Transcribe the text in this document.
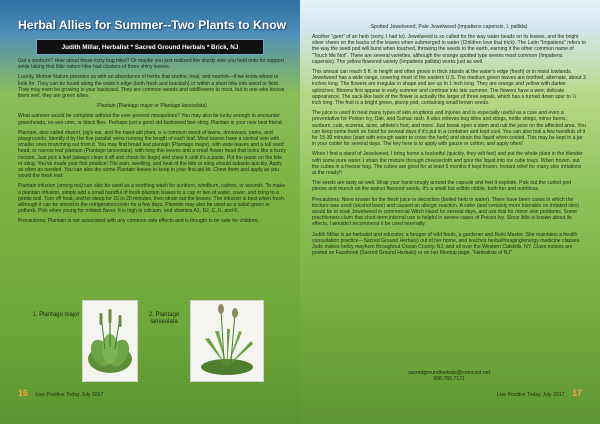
Herbal Allies for Summer--Two Plants to Know
Judith Millar, Herbalist * Sacred Ground Herbals * Brick, NJ

Got a sunburn? How about those itchy bug bites? Or maybe you just realized the sturdy vine you held onto for support while taking that little nature hike had clusters of three shiny leaves.

Luckily, Mother Nature provides us with an abundance of herbs that soothe, heal, and nourish—if we know where to look for. They can be found along the water's edge (both fresh and brackish) or within a short hike into wood or field. They may even be growing in your backyard. They are common weeds and wildflowers to most, but to one who knows them well, they are green allies.

Plantain (Plantago major or Plantago lanceolata)

What summer would be complete without the ever-present mosquitoes? You may also be lucky enough to encounter greenheads, no-see-ums, or black flies. Perhaps just a good old-fashioned bee sting. Plantain is your new best friend.

Plantain, also called ribwort, pig's ear, and the band-aid plant, is a common weed of lawns, driveways, parks, and playgrounds. Identify it by the five parallel veins running the length of each leaf. Most leaves have a central vein with smaller ones branching out from it. You may find broad leaf plantain (Plantago major), with wide leaves and a tall seed head, or narrow leaf plantain (Plantago lanceolata), with long thin leaves and a small flower head that looks like a fuzzy cocoon. Just pick a leaf (always clean it off and check for bugs) and chew it until it's a paste. Put the paste on the bite or sting. You've made your first poultice! The pain, swelling, and heat of the bite or sting should subside quickly. Apply as often as needed. You can also dry some Plantain leaves to keep in your first aid kit. Chew them and apply as you would the fresh leaf.

Plantain infusion (strong tea) can also be used as a soothing wash for sunburn, windburn, rashes, or wounds. To make a plantain infusion, simply add a small handful of fresh plantain leaves to a cup or two of water, cover, and bring to a gentle boil. Turn off heat, and let steep for 15 to 20 minutes, then strain out the leaves. The infusion is best when fresh, although it can be stored in the refrigerator/cooler for a few days. Plantain may also be used as a salad green or potherb. Pick when young for mildest flavor. It is high in calcium, and vitamins A1, B2, C, K, and K.

Precautions: Plantain is not associated with any common side effects and is thought to be safe for children.

1. Plantago major	2. Plantago lanceolata
16 Live Positive Today July 2017
Spotted Jewelweed, Pale Jewelweed (Impatiens capensis, I. pallida)

Another "gem" of an herb (sorry, I had to). Jewelweed is so called for the way water beads on its leaves, and the bright silver sheen on the backs of the leaves when submerged in water (Children love that trick). The Latin "Impatiens" refers to the way the seed pod will burst when touched, throwing the seeds to the earth, earning it the other common name of "Touch Me Not". There are several varieties, although the orange spotted type seems most common (Impatiens capensis). The yellow flowered variety (Impatiens pallida) works just as well.

This annual can reach 5 ft. in height and often grows in thick stands at the water's edge (fresh) or in moist lowlands. Jewelweed has a wide range, covering most of the eastern U.S. The medium green leaves are toothed, alternate, about 3 inches long. The flowers are irregular in shape and are up to 1 inch long. They are orange and yellow with darker splotches. Blooms first appear in early summer and continue into late summer. The flowers have a wee, delicate appearance. The sack-like back of the flower is actually the larger of three sepals, which has a turned down spur to ½ inch long. The fruit is a bright green, plump pod, containing small brown seeds.

The juice is used to treat many types of skin eruptions and injuries and is especially useful as a cure and even a preventative for Poison Ivy, Oak, and Sumac rash. It also relieves bug bites and stings, nettle stings, minor burns, sunburn, cuts, eczema, acne, athlete's foot, and more. Just break open a stem and rub the juice on the affected area. You can keep some fresh on hand for several days if it's put in a container and kept cool. You can also boil a few handfuls of it for 15-30 minutes (start with enough water to cover the herb) and strain the liquid when cooled. This may be kept in a jar in your cooler for several days. The key here is to apply with gauze or cotton, and apply often!

When I find a stand of Jewelweed, I bring home a bucketful (quickly, they wilt fast) and put the whole plant in the blender with some pure water. I strain the mixture through cheesecloth and pour the liquid into ice cube trays. When frozen, put the cubes in a freezer bag. The cubes are good for at least 6 months if kept frozen. Instant relief for many skin irritations at the ready!!

The seeds are tasty as well. Wrap your hand snugly around the capsule and feel it explode. Pick out the curled pod pieces and munch on the walnut flavored seeds. It's a small but edible nibble, both fun and nutritious.

Precautions: None known for the fresh juice or decoction (boiled herb in water). There have been cases in which the tincture was used (alcohol base) and caused an allergic reaction. A safer (and certainly more tolerable on irritated skin) would be to soak Jewelweed in commercial Witch Hazel for several days, and use that for minor skin problems. Some practitioners claim that short-term internal use is helpful in severe cases of Poison Ivy. Since little is known about its effects, I wouldn't recommend it be used internally.

Judith Millar is an herbalist and educator, a forager of wild foods, a gardener and Reiki Master. She maintains a health consultation practice—Sacred Ground Herbals) out of her home, and teaches herbal/foraging/energy medicine classes. Jude makes herby mayhem throughout Ocean County, NJ, and all over the Western Catskills, NY. Class notices are posted on Facebook (Sacred Ground Herbals) or on her Meetup page, "Herbalists of NJ"

sacredgroundherbals@comcast.net
908.783.7121
Live Positive Today July 2017 17
